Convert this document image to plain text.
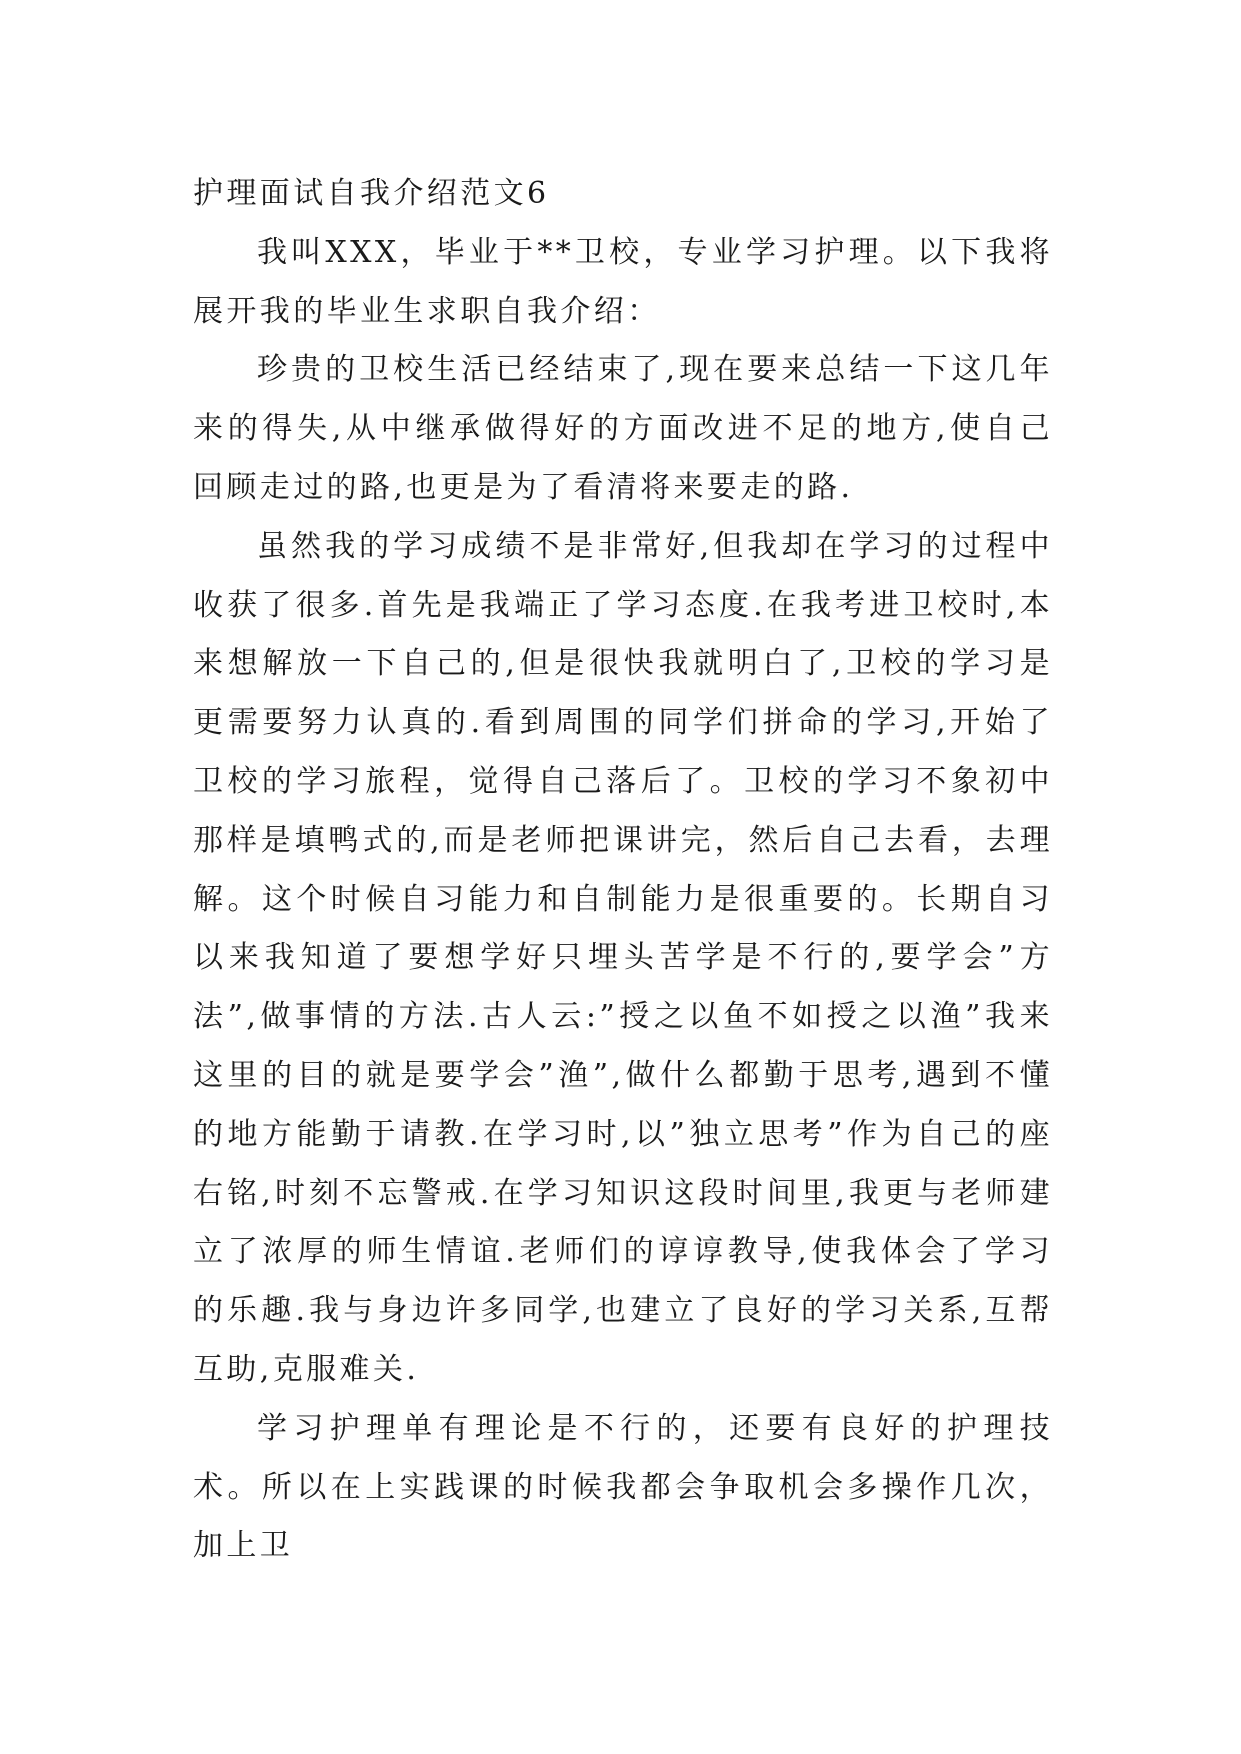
护理面试自我介绍范文6

我叫XXX，毕业于**卫校，专业学习护理。以下我将展开我的毕业生求职自我介绍：

珍贵的卫校生活已经结束了,现在要来总结一下这几年来的得失,从中继承做得好的方面改进不足的地方,使自己回顾走过的路,也更是为了看清将来要走的路.

虽然我的学习成绩不是非常好,但我却在学习的过程中收获了很多.首先是我端正了学习态度.在我考进卫校时,本来想解放一下自己的,但是很快我就明白了,卫校的学习是更需要努力认真的.看到周围的同学们拼命的学习,开始了卫校的学习旅程，觉得自己落后了。卫校的学习不象初中那样是填鸭式的,而是老师把课讲完，然后自己去看，去理解。这个时候自习能力和自制能力是很重要的。长期自习以来我知道了要想学好只埋头苦学是不行的,要学会”方法”,做事情的方法.古人云:”授之以鱼不如授之以渔”我来这里的目的就是要学会”渔”,做什么都勤于思考,遇到不懂的地方能勤于请教.在学习时,以”独立思考”作为自己的座右铭,时刻不忘警戒.在学习知识这段时间里,我更与老师建立了浓厚的师生情谊.老师们的谆谆教导,使我体会了学习的乐趣.我与身边许多同学,也建立了良好的学习关系,互帮互助,克服难关.

学习护理单有理论是不行的，还要有良好的护理技术。所以在上实践课的时候我都会争取机会多操作几次，加上卫
